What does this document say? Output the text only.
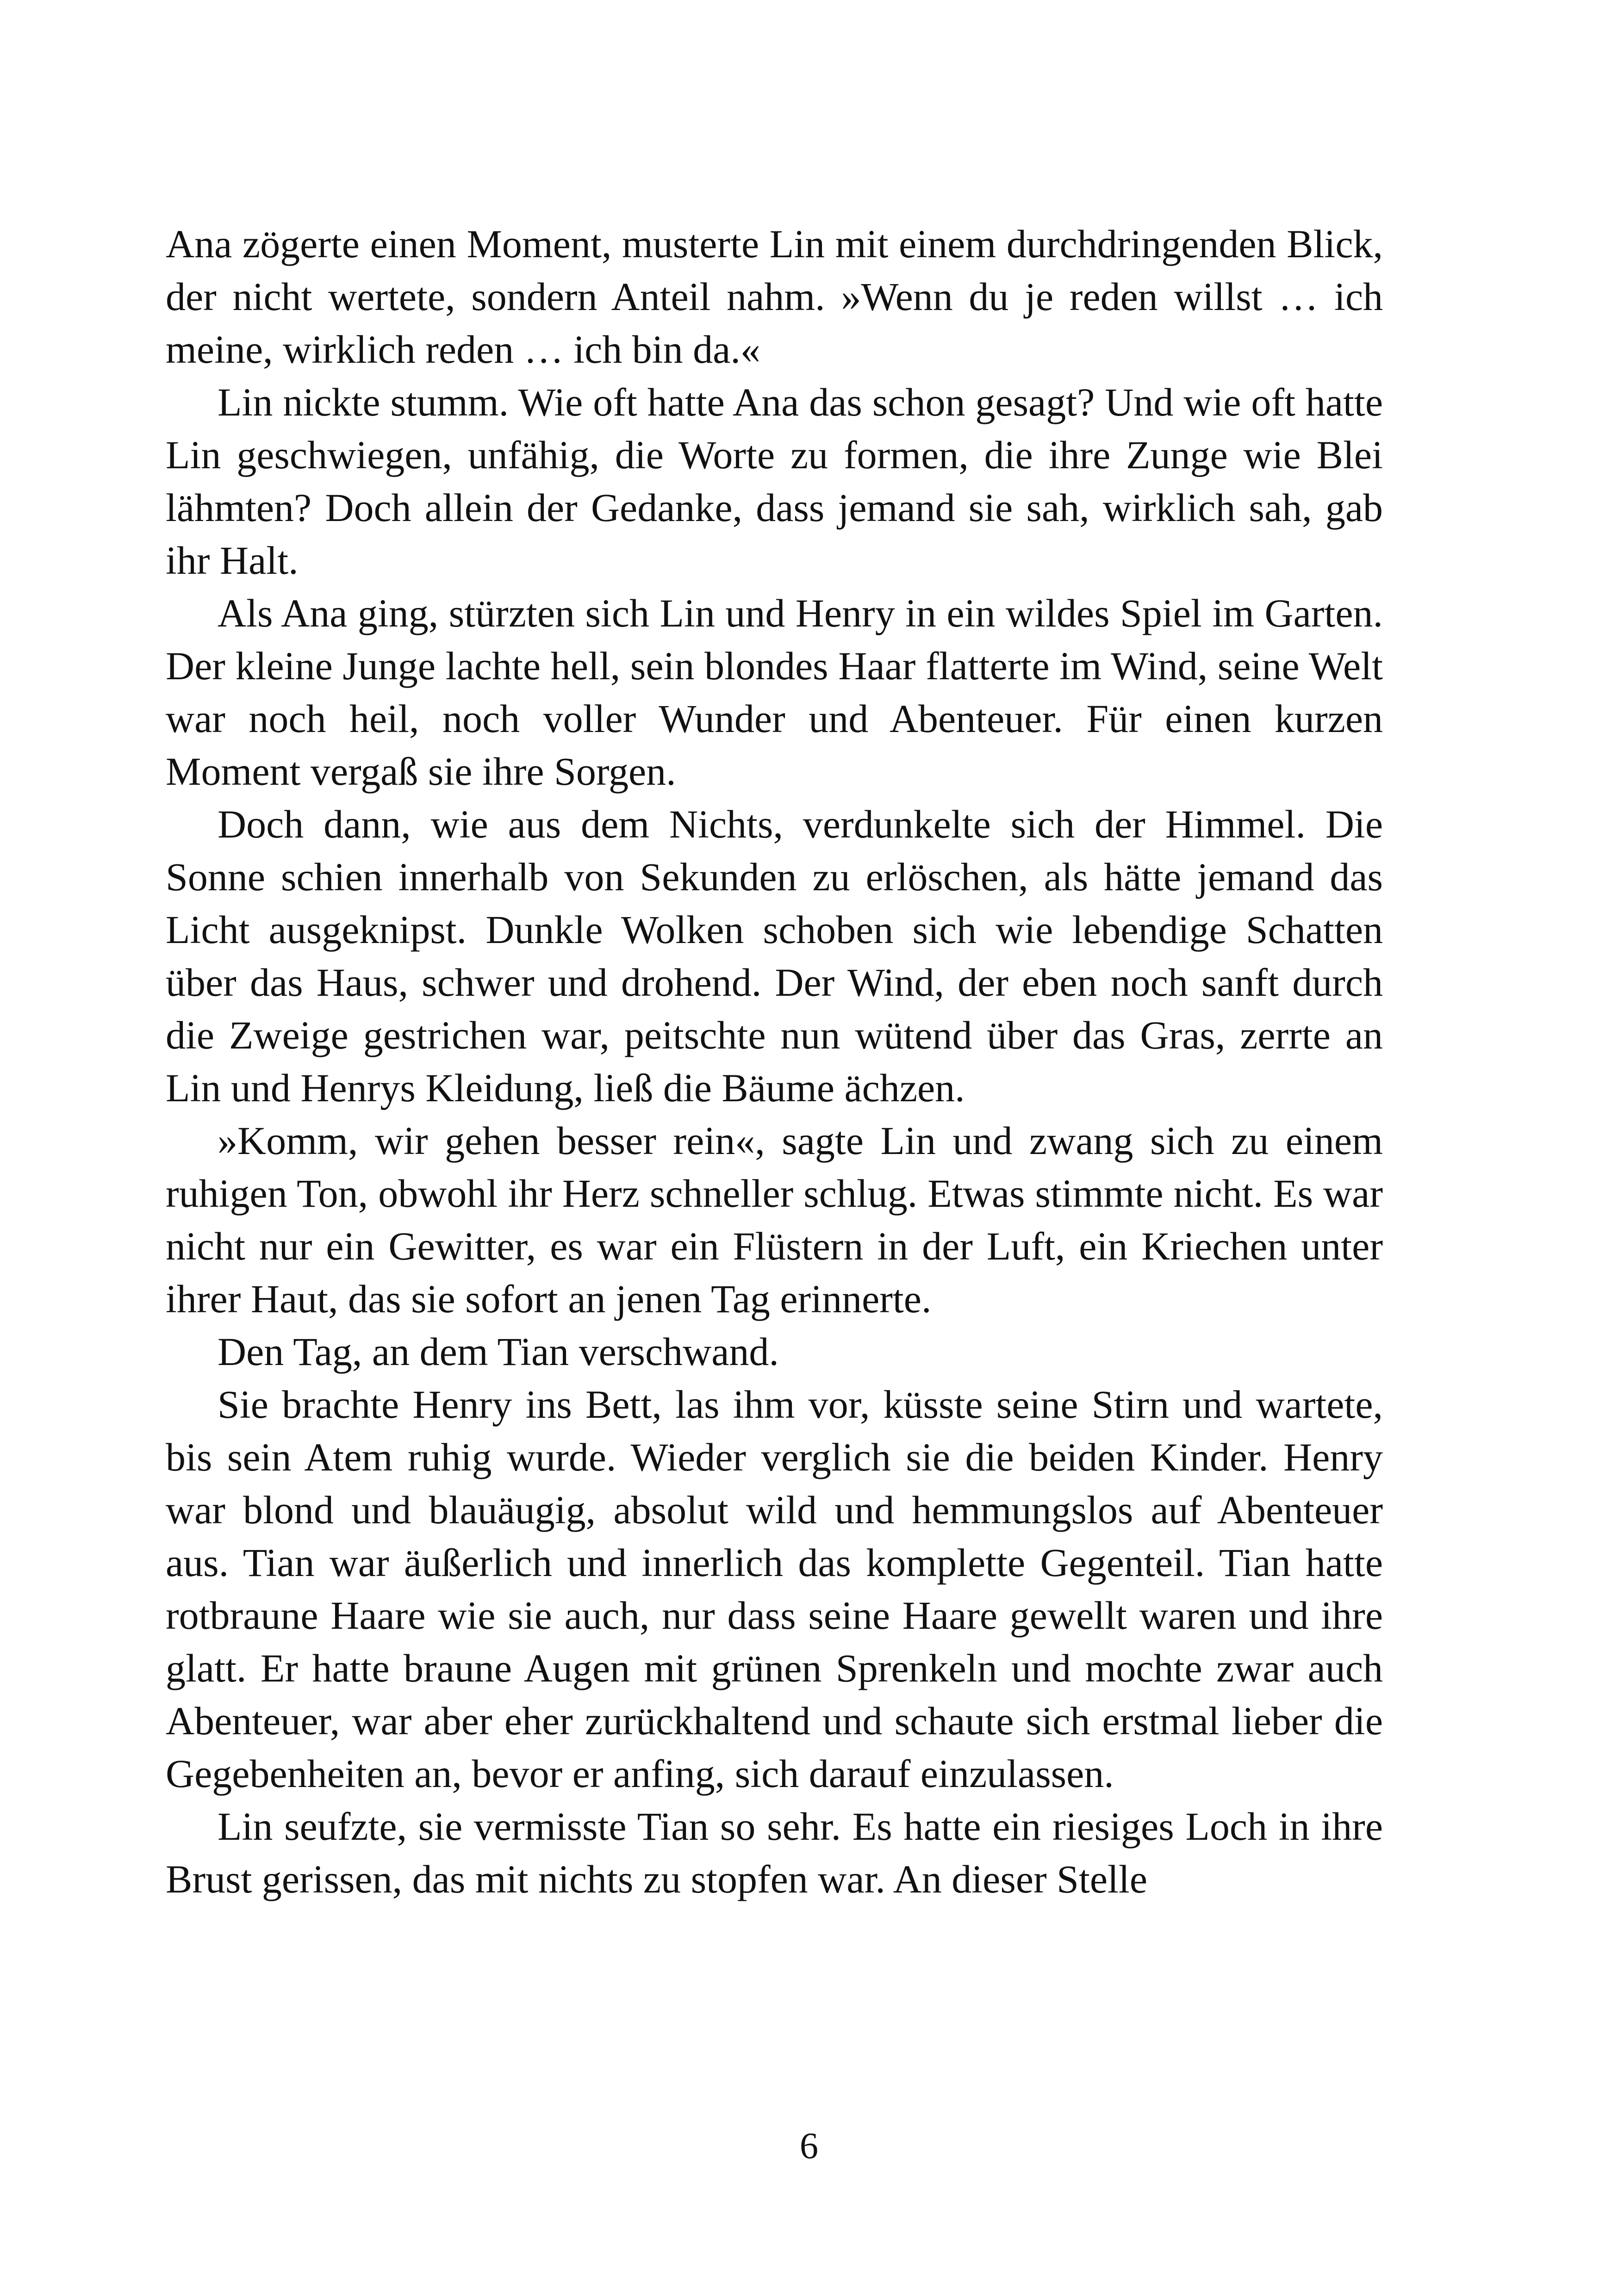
Ana zögerte einen Moment, musterte Lin mit einem durchdringenden Blick, der nicht wertete, sondern Anteil nahm. »Wenn du je reden willst … ich meine, wirklich reden … ich bin da.«

Lin nickte stumm. Wie oft hatte Ana das schon gesagt? Und wie oft hatte Lin geschwiegen, unfähig, die Worte zu formen, die ihre Zunge wie Blei lähmten? Doch allein der Gedanke, dass jemand sie sah, wirklich sah, gab ihr Halt.

Als Ana ging, stürzten sich Lin und Henry in ein wildes Spiel im Garten. Der kleine Junge lachte hell, sein blondes Haar flatterte im Wind, seine Welt war noch heil, noch voller Wunder und Abenteuer. Für einen kurzen Moment vergaß sie ihre Sorgen.

Doch dann, wie aus dem Nichts, verdunkelte sich der Himmel. Die Sonne schien innerhalb von Sekunden zu erlöschen, als hätte jemand das Licht ausgeknipst. Dunkle Wolken schoben sich wie lebendige Schatten über das Haus, schwer und drohend. Der Wind, der eben noch sanft durch die Zweige gestrichen war, peitschte nun wütend über das Gras, zerrte an Lin und Henrys Kleidung, ließ die Bäume ächzen.

»Komm, wir gehen besser rein«, sagte Lin und zwang sich zu einem ruhigen Ton, obwohl ihr Herz schneller schlug. Etwas stimmte nicht. Es war nicht nur ein Gewitter, es war ein Flüstern in der Luft, ein Kriechen unter ihrer Haut, das sie sofort an jenen Tag erinnerte.

Den Tag, an dem Tian verschwand.

Sie brachte Henry ins Bett, las ihm vor, küsste seine Stirn und wartete, bis sein Atem ruhig wurde. Wieder verglich sie die beiden Kinder. Henry war blond und blauäugig, absolut wild und hemmungslos auf Abenteuer aus. Tian war äußerlich und innerlich das komplette Gegenteil. Tian hatte rotbraune Haare wie sie auch, nur dass seine Haare gewellt waren und ihre glatt. Er hatte braune Augen mit grünen Sprenkeln und mochte zwar auch Abenteuer, war aber eher zurückhaltend und schaute sich erstmal lieber die Gegebenheiten an, bevor er anfing, sich darauf einzulassen.

Lin seufzte, sie vermisste Tian so sehr. Es hatte ein riesiges Loch in ihre Brust gerissen, das mit nichts zu stopfen war. An dieser Stelle

6
